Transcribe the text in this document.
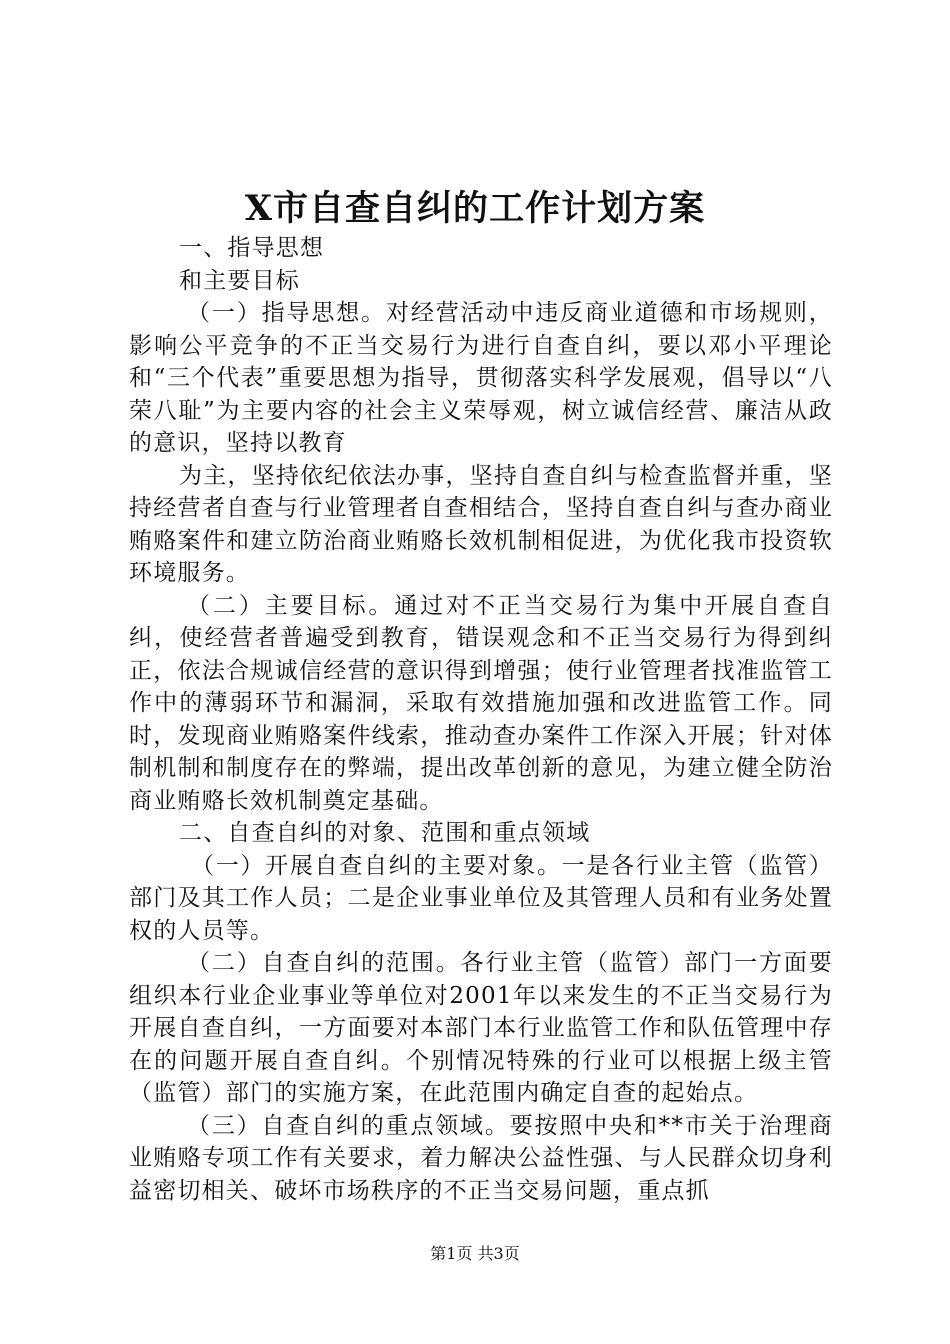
X市自查自纠的工作计划方案

一、指导思想

和主要目标

（一）指导思想。对经营活动中违反商业道德和市场规则，影响公平竞争的不正当交易行为进行自查自纠，要以邓小平理论和“三个代表”重要思想为指导，贯彻落实科学发展观，倡导以“八荣八耻”为主要内容的社会主义荣辱观，树立诚信经营、廉洁从政的意识，坚持以教育

为主，坚持依纪依法办事，坚持自查自纠与检查监督并重，坚持经营者自查与行业管理者自查相结合，坚持自查自纠与查办商业贿赂案件和建立防治商业贿赂长效机制相促进，为优化我市投资软环境服务。

（二）主要目标。通过对不正当交易行为集中开展自查自纠，使经营者普遍受到教育，错误观念和不正当交易行为得到纠正，依法合规诚信经营的意识得到增强；使行业管理者找准监管工作中的薄弱环节和漏洞，采取有效措施加强和改进监管工作。同时，发现商业贿赂案件线索，推动查办案件工作深入开展；针对体制机制和制度存在的弊端，提出改革创新的意见，为建立健全防治商业贿赂长效机制奠定基础。

二、自查自纠的对象、范围和重点领域

（一）开展自查自纠的主要对象。一是各行业主管（监管）部门及其工作人员；二是企业事业单位及其管理人员和有业务处置权的人员等。

（二）自查自纠的范围。各行业主管（监管）部门一方面要组织本行业企业事业等单位对2001年以来发生的不正当交易行为开展自查自纠，一方面要对本部门本行业监管工作和队伍管理中存在的问题开展自查自纠。个别情况特殊的行业可以根据上级主管（监管）部门的实施方案，在此范围内确定自查的起始点。

（三）自查自纠的重点领域。要按照中央和**市关于治理商业贿赂专项工作有关要求，着力解决公益性强、与人民群众切身利益密切相关、破坏市场秩序的不正当交易问题，重点抓

第1页 共3页
